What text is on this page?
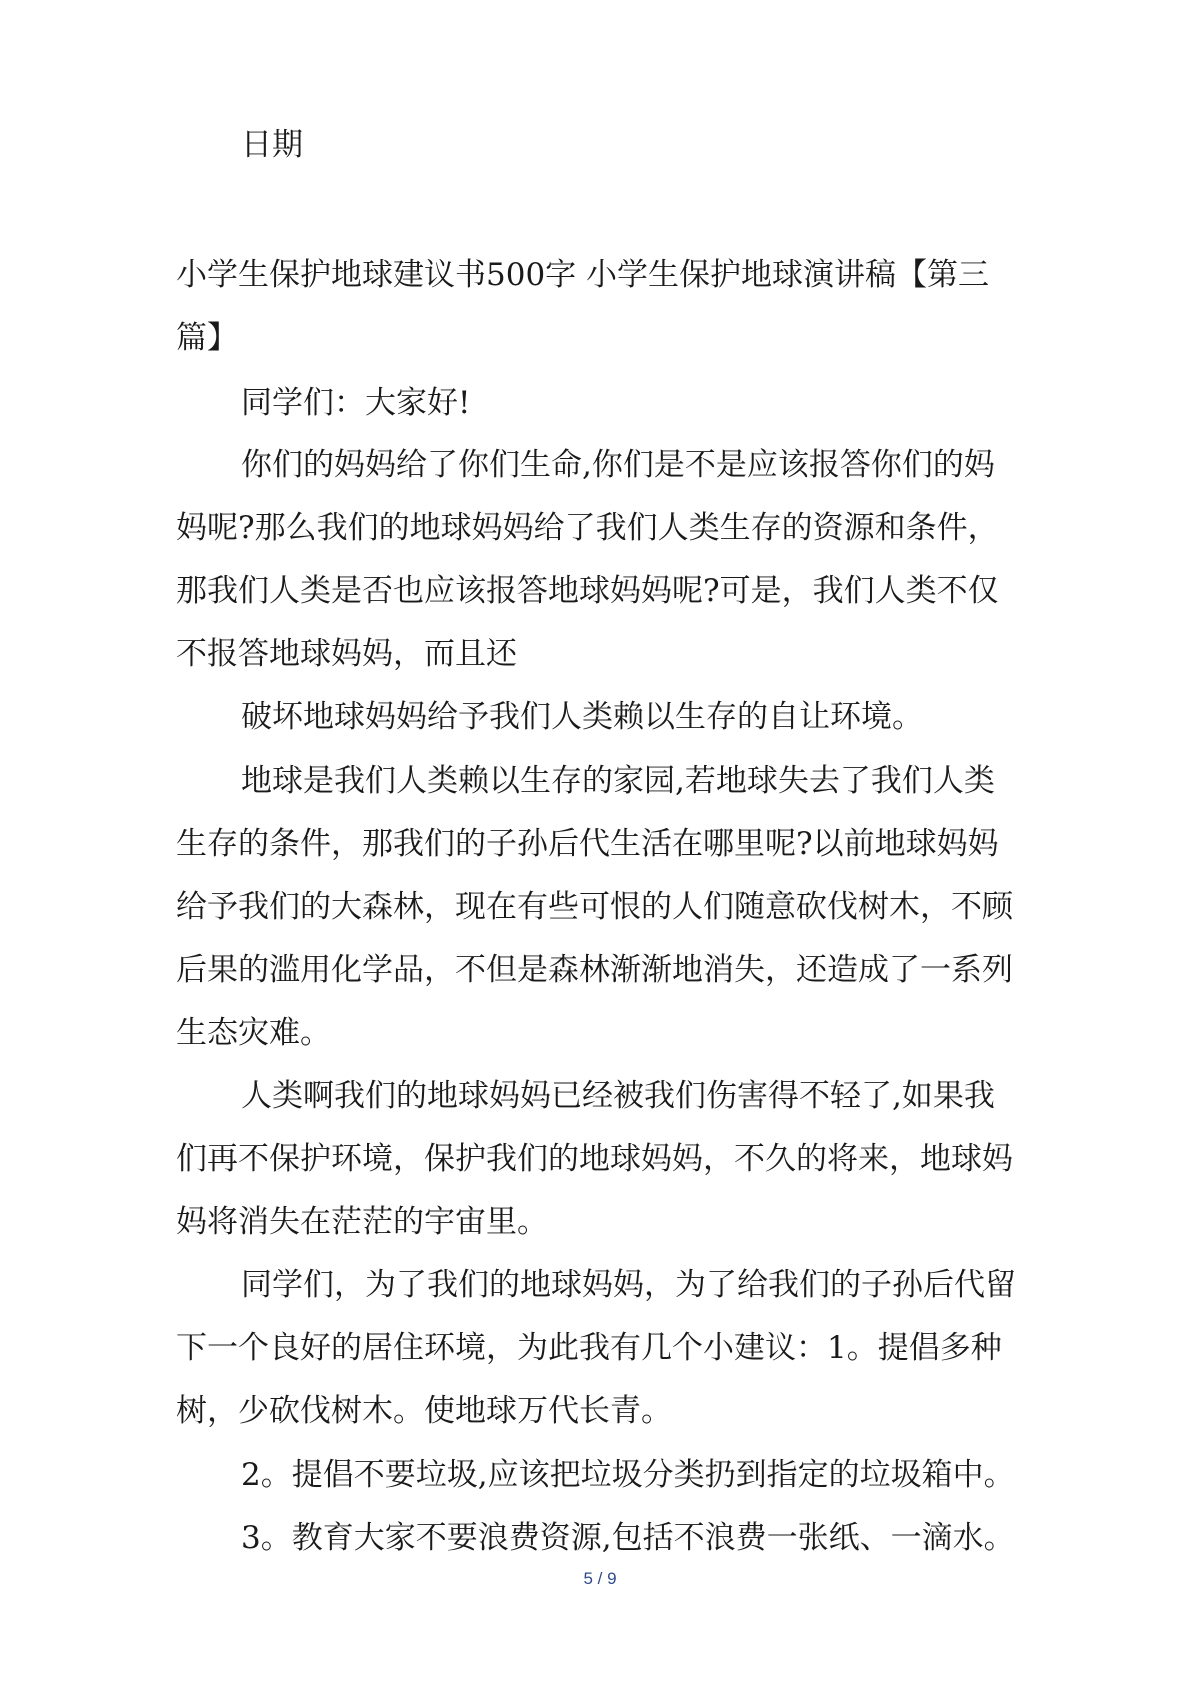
日期
小学生保护地球建议书500字 小学生保护地球演讲稿【第三
篇】
同学们：大家好!
你们的妈妈给了你们生命,你们是不是应该报答你们的妈
妈呢?那么我们的地球妈妈给了我们人类生存的资源和条件，
那我们人类是否也应该报答地球妈妈呢?可是，我们人类不仅
不报答地球妈妈，而且还
破坏地球妈妈给予我们人类赖以生存的自让环境。
地球是我们人类赖以生存的家园,若地球失去了我们人类
生存的条件，那我们的子孙后代生活在哪里呢?以前地球妈妈
给予我们的大森林，现在有些可恨的人们随意砍伐树木，不顾
后果的滥用化学品，不但是森林渐渐地消失，还造成了一系列
生态灾难。
人类啊我们的地球妈妈已经被我们伤害得不轻了,如果我
们再不保护环境，保护我们的地球妈妈，不久的将来，地球妈
妈将消失在茫茫的宇宙里。
同学们，为了我们的地球妈妈，为了给我们的子孙后代留
下一个良好的居住环境，为此我有几个小建议：1。提倡多种
树，少砍伐树木。使地球万代长青。
2。提倡不要垃圾,应该把垃圾分类扔到指定的垃圾箱中。
3。教育大家不要浪费资源,包括不浪费一张纸、一滴水。
5 / 9
